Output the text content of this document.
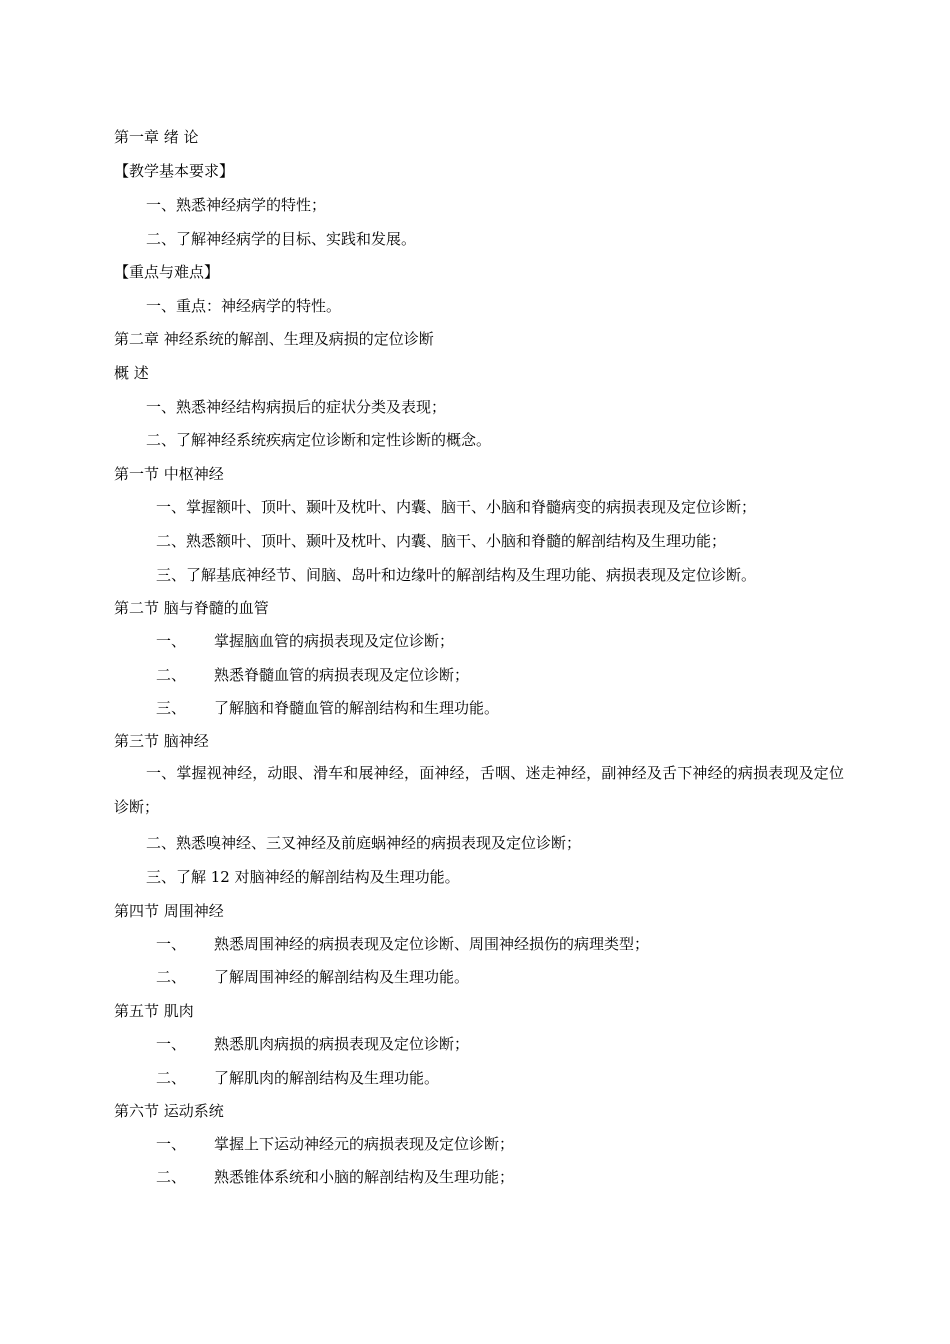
第一章 绪 论
【教学基本要求】
一、熟悉神经病学的特性；
二、了解神经病学的目标、实践和发展。
【重点与难点】
一、重点：神经病学的特性。
第二章 神经系统的解剖、生理及病损的定位诊断
概 述
一、熟悉神经结构病损后的症状分类及表现；
二、了解神经系统疾病定位诊断和定性诊断的概念。
第一节 中枢神经
一、掌握额叶、顶叶、颞叶及枕叶、内囊、脑干、小脑和脊髓病变的病损表现及定位诊断；
二、熟悉额叶、顶叶、颞叶及枕叶、内囊、脑干、小脑和脊髓的解剖结构及生理功能；
三、了解基底神经节、间脑、岛叶和边缘叶的解剖结构及生理功能、病损表现及定位诊断。
第二节 脑与脊髓的血管
一、 掌握脑血管的病损表现及定位诊断；
二、 熟悉脊髓血管的病损表现及定位诊断；
三、 了解脑和脊髓血管的解剖结构和生理功能。
第三节 脑神经
一、掌握视神经，动眼、滑车和展神经，面神经，舌咽、迷走神经，副神经及舌下神经的病损表现及定位诊断；
二、熟悉嗅神经、三叉神经及前庭蜗神经的病损表现及定位诊断；
三、了解 12 对脑神经的解剖结构及生理功能。
第四节 周围神经
一、 熟悉周围神经的病损表现及定位诊断、周围神经损伤的病理类型；
二、 了解周围神经的解剖结构及生理功能。
第五节 肌肉
一、 熟悉肌肉病损的病损表现及定位诊断；
二、 了解肌肉的解剖结构及生理功能。
第六节 运动系统
一、 掌握上下运动神经元的病损表现及定位诊断；
二、 熟悉锥体系统和小脑的解剖结构及生理功能；
